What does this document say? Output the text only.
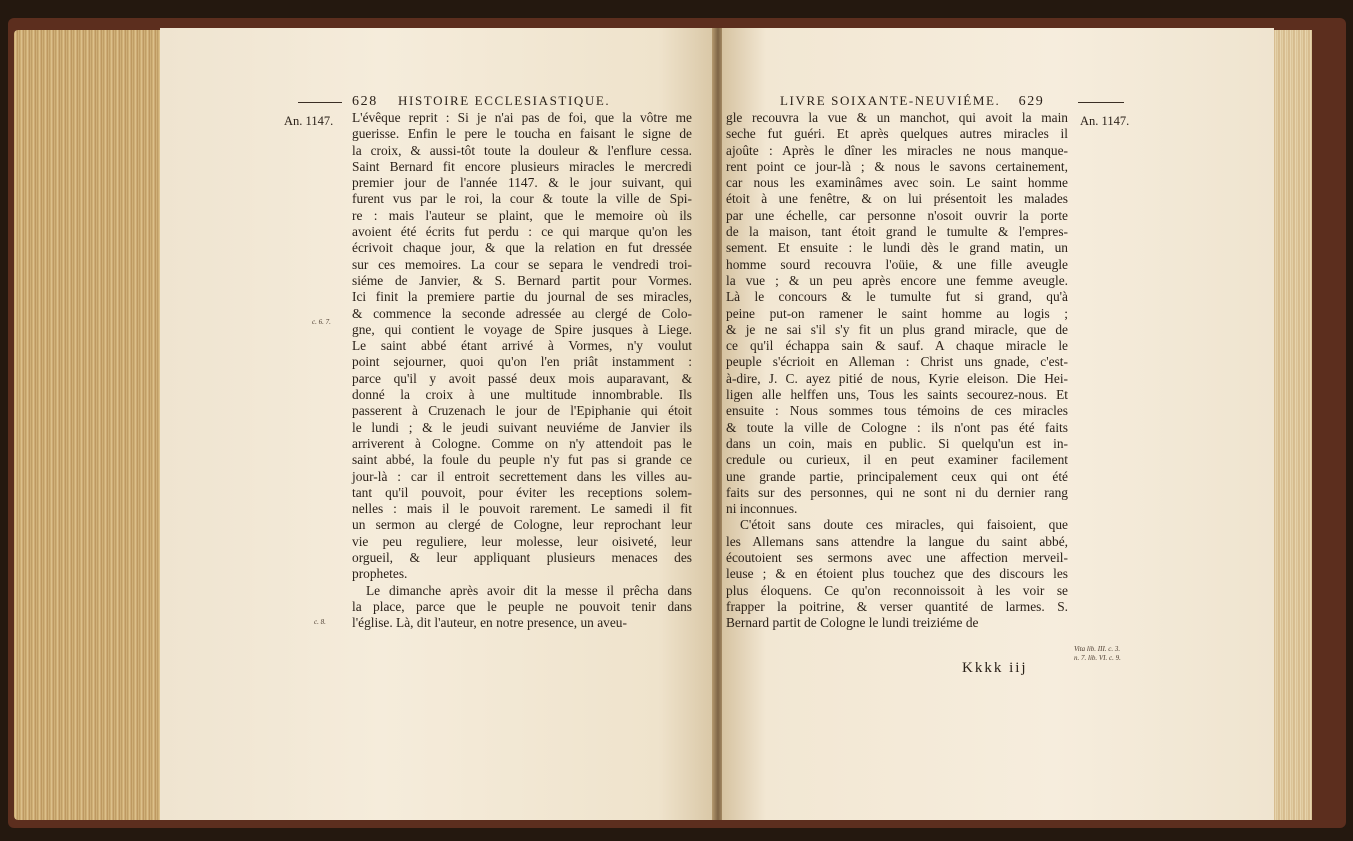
628 HISTOIRE ECCLESIASTIQUE.
An. 1147.
c. 6. 7.
c. 8.
L'évêque reprit : Si je n'ai pas de foi, que la vôtre me
guerisse. Enfin le pere le toucha en faisant le signe de
la croix, & aussi-tôt toute la douleur & l'enflure cessa.
Saint Bernard fit encore plusieurs miracles le mercredi
premier jour de l'année 1147. & le jour suivant, qui
furent vus par le roi, la cour & toute la ville de Spi-
re : mais l'auteur se plaint, que le memoire où ils
avoient été écrits fut perdu : ce qui marque qu'on les
écrivoit chaque jour, & que la relation en fut dressée
sur ces memoires. La cour se separa le vendredi troi-
siéme de Janvier, & S. Bernard partit pour Vormes.
Ici finit la premiere partie du journal de ses miracles,
& commence la seconde adressée au clergé de Colo-
gne, qui contient le voyage de Spire jusques à Liege.
Le saint abbé étant arrivé à Vormes, n'y voulut
point sejourner, quoi qu'on l'en priât instamment :
parce qu'il y avoit passé deux mois auparavant, &
donné la croix à une multitude innombrable. Ils
passerent à Cruzenach le jour de l'Epiphanie qui étoit
le lundi ; & le jeudi suivant neuviéme de Janvier ils
arriverent à Cologne. Comme on n'y attendoit pas le
saint abbé, la foule du peuple n'y fut pas si grande ce
jour-là : car il entroit secrettement dans les villes au-
tant qu'il pouvoit, pour éviter les receptions solem-
nelles : mais il le pouvoit rarement. Le samedi il fit
un sermon au clergé de Cologne, leur reprochant leur
vie peu reguliere, leur molesse, leur oisiveté, leur
orgueil, & leur appliquant plusieurs menaces des
prophetes.
Le dimanche après avoir dit la messe il prêcha dans
la place, parce que le peuple ne pouvoit tenir dans
l'église. Là, dit l'auteur, en notre presence, un aveu-
LIVRE SOIXANTE-NEUVIÉME. 629
An. 1147.
Vita lib. III. c. 3.
n. 7. lib. VI. c. 9.
gle recouvra la vue & un manchot, qui avoit la main
seche fut guéri. Et après quelques autres miracles il
ajoûte : Après le dîner les miracles ne nous manque-
rent point ce jour-là ; & nous le savons certainement,
car nous les examinâmes avec soin. Le saint homme
étoit à une fenêtre, & on lui présentoit les malades
par une échelle, car personne n'osoit ouvrir la porte
de la maison, tant étoit grand le tumulte & l'empres-
sement. Et ensuite : le lundi dès le grand matin, un
homme sourd recouvra l'oüie, & une fille aveugle
la vue ; & un peu après encore une femme aveugle.
Là le concours & le tumulte fut si grand, qu'à
peine put-on ramener le saint homme au logis ;
& je ne sai s'il s'y fit un plus grand miracle, que de
ce qu'il échappa sain & sauf. A chaque miracle le
peuple s'écrioit en Alleman : Christ uns gnade, c'est-
à-dire, J. C. ayez pitié de nous, Kyrie eleison. Die Hei-
ligen alle helffen uns, Tous les saints secourez-nous. Et
ensuite : Nous sommes tous témoins de ces miracles
& toute la ville de Cologne : ils n'ont pas été faits
dans un coin, mais en public. Si quelqu'un est in-
credule ou curieux, il en peut examiner facilement
une grande partie, principalement ceux qui ont été
faits sur des personnes, qui ne sont ni du dernier rang
ni inconnues.
C'étoit sans doute ces miracles, qui faisoient, que
les Allemans sans attendre la langue du saint abbé,
écoutoient ses sermons avec une affection merveil-
leuse ; & en étoient plus touchez que des discours les
plus éloquens. Ce qu'on reconnoissoit à les voir se
frapper la poitrine, & verser quantité de larmes. S.
Bernard partit de Cologne le lundi treiziéme de
Kkkk iij
